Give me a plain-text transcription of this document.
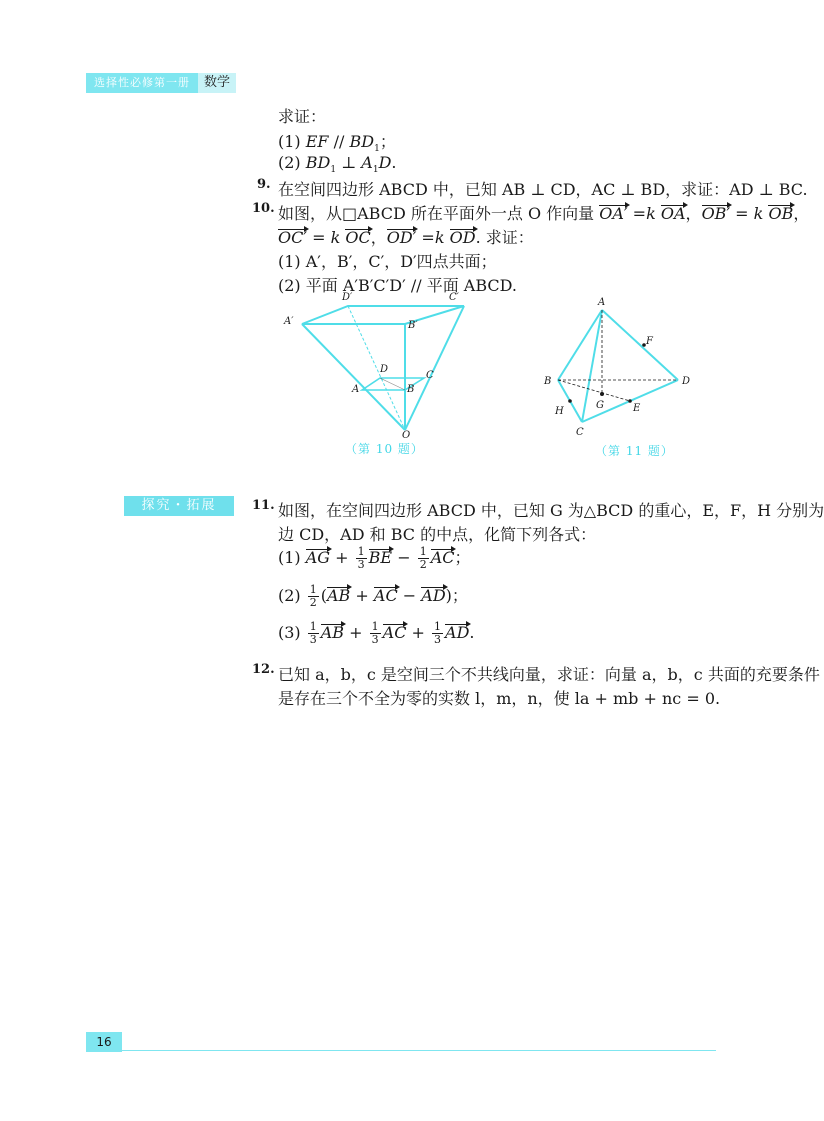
选择性必修第一册	数学
求证：
(1) EF // $BD_1$；
(2) $BD_1$ ⊥ $A_1D$.
9. 在空间四边形 ABCD 中，已知 AB ⊥ CD，AC ⊥ BD，求证：AD ⊥ BC.
10. 如图，从□ABCD 所在平面外一点 O 作向量 OA′ =k OA，OB′ = k OB，
OC′ = k OC，OD′ =k OD. 求证：
(1) A′，B′，C′，D′四点共面；
(2) 平面 A′B′C′D′ // 平面 ABCD.
A′
D′	C′
B′
D
C
A	B
O
（第 10 题）
A
F
B	D
G	E
H
C
（第 11 题）
探究・拓展	11. 如图，在空间四边形 ABCD 中，已知 G 为△BCD 的重心，E，F，H 分别为
边 CD，AD 和 BC 的中点，化简下列各式：
(1) AG + $\frac{1}{3}$ BE − $\frac{1}{2}$ AC；
$(2) \frac{1}{2} (AB$ + AC − AD)；
$(3) \frac{1}{3}$ AB + $\frac{1}{3}$ AC + $\frac{1}{3}$ AD.
12. 已知 a，b，c 是空间三个不共线向量，求证：向量 a，b，c 共面的充要条件
是存在三个不全为零的实数 l，m，n，使 la + mb + nc = 0.
16
